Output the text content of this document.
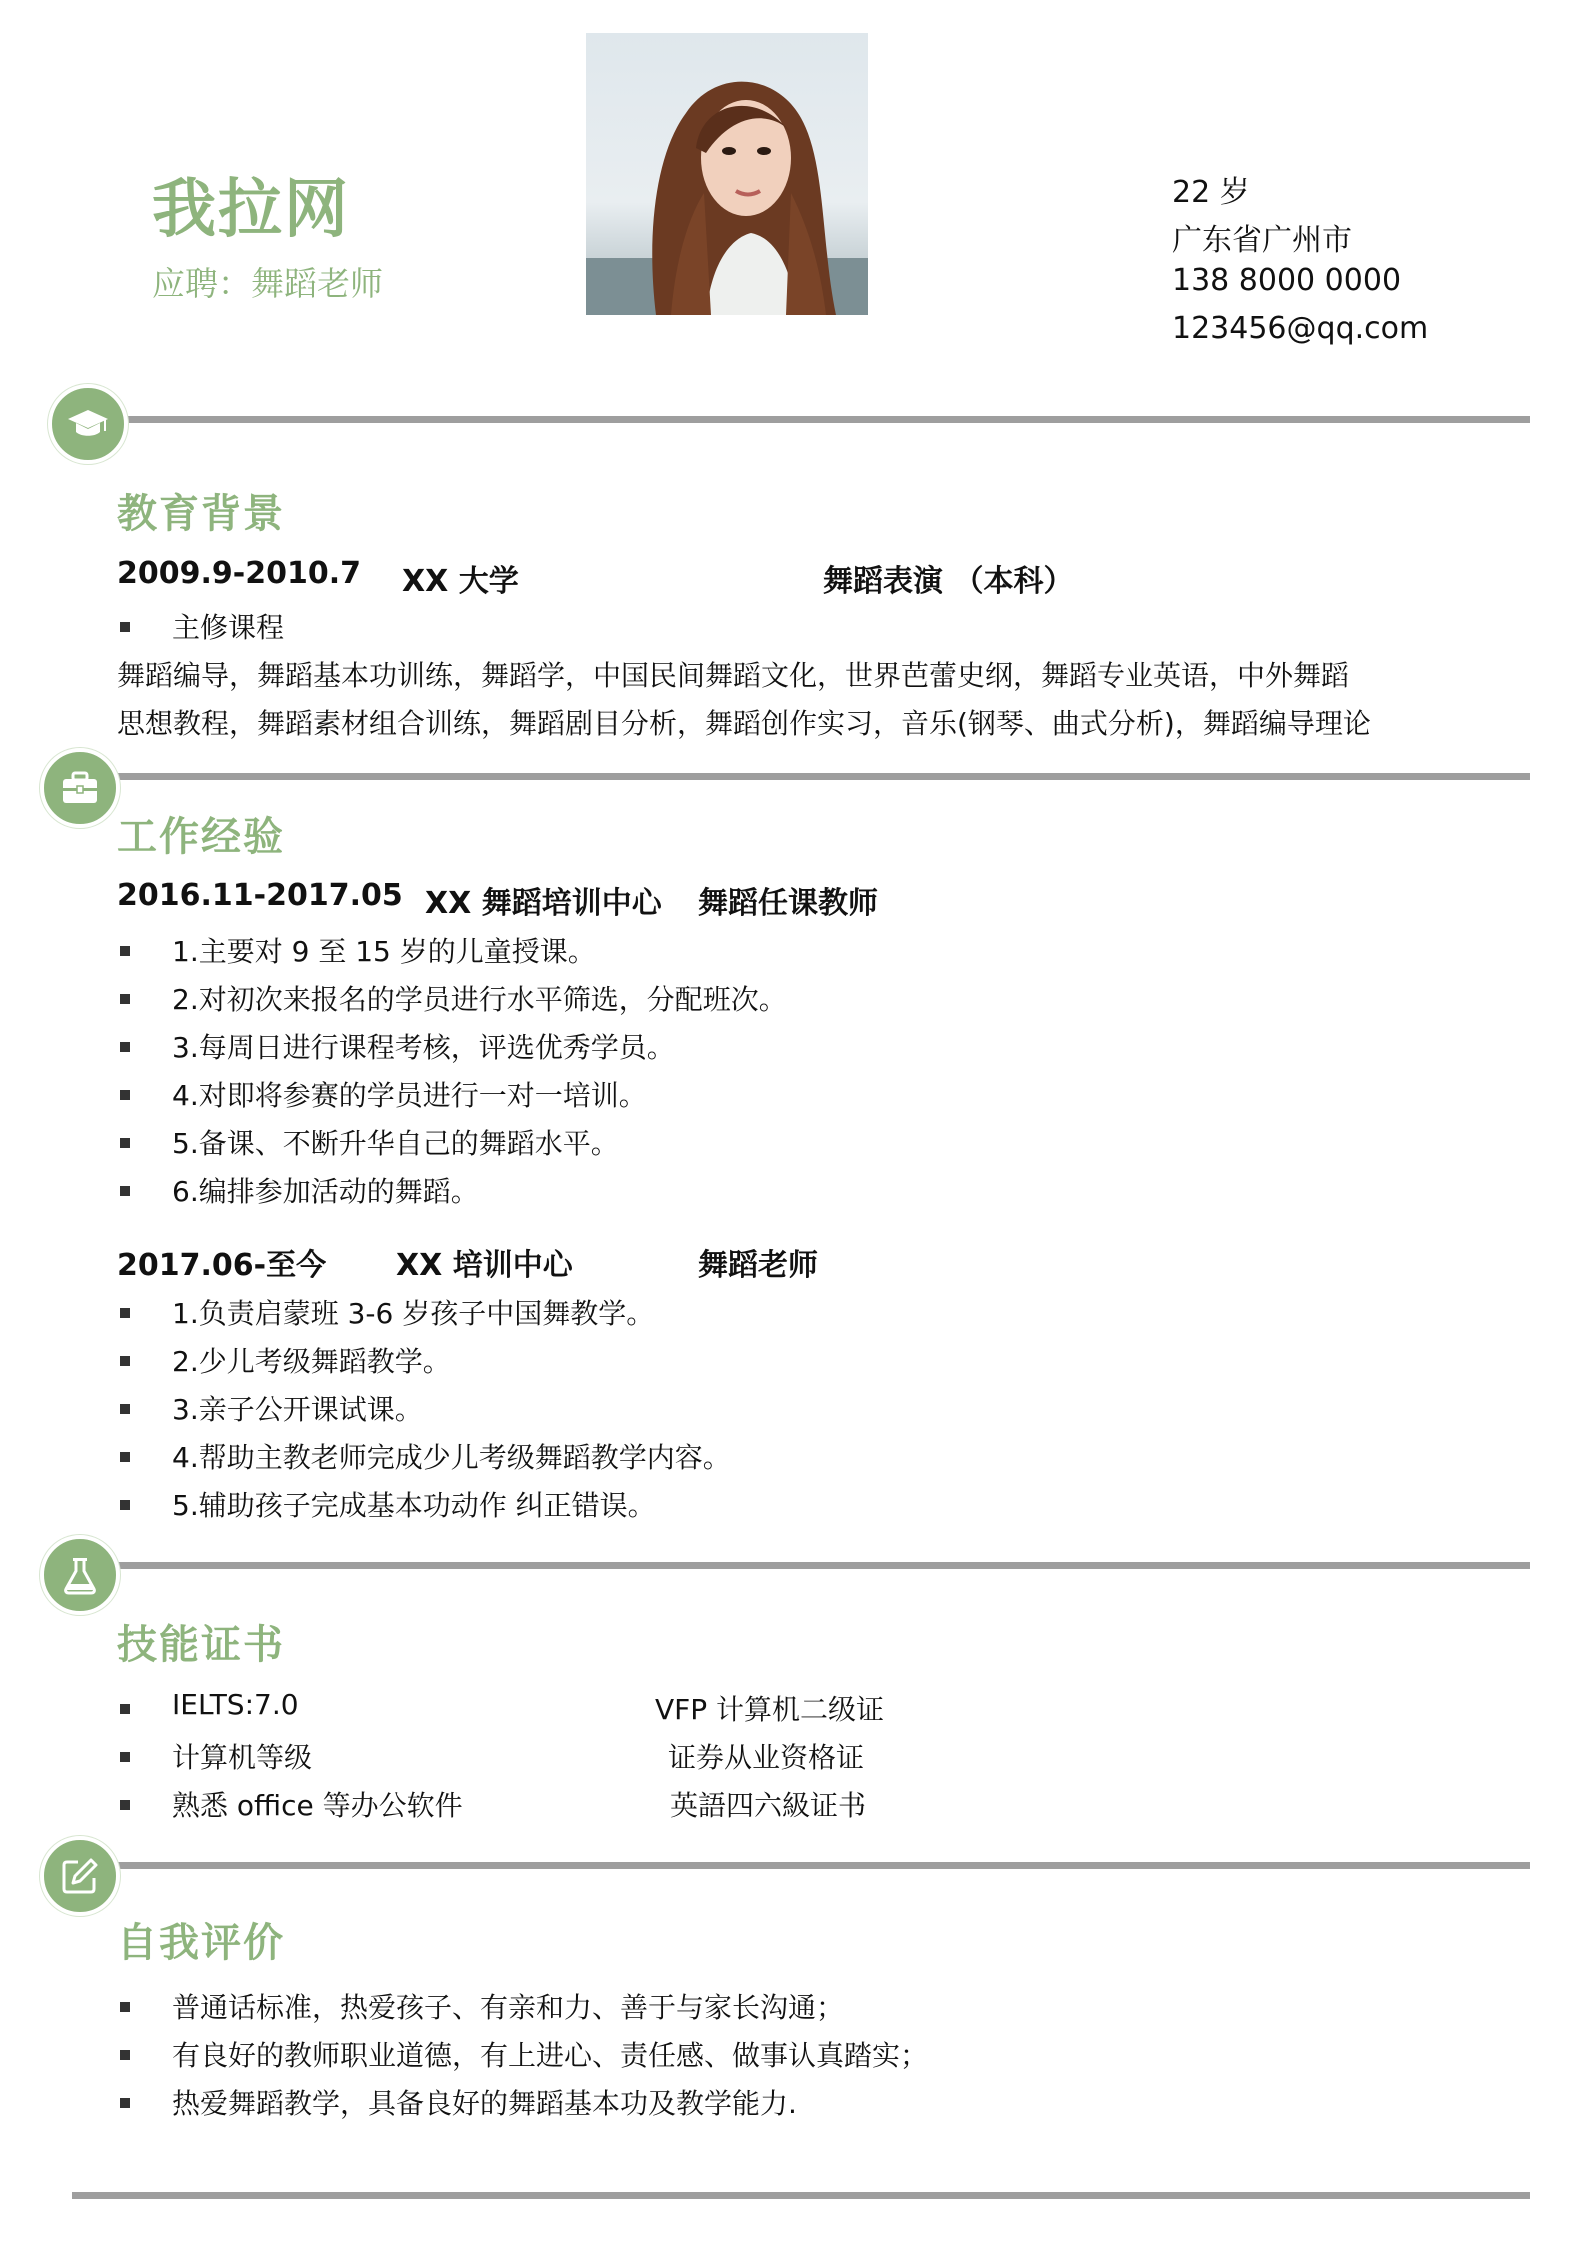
我拉网
应聘：舞蹈老师
22 岁
广东省广州市
138 8000 0000
123456@qq.com
教育背景
2009.9-2010.7 XX 大学	舞蹈表演 （本科）
主修课程
舞蹈编导，舞蹈基本功训练，舞蹈学，中国民间舞蹈文化，世界芭蕾史纲，舞蹈专业英语，中外舞蹈
思想教程，舞蹈素材组合训练，舞蹈剧目分析，舞蹈创作实习，音乐(钢琴、曲式分析)，舞蹈编导理论
工作经验
2016.11-2017.05 XX 舞蹈培训中心 舞蹈任课教师
1.主要对 9 至 15 岁的儿童授课。
2.对初次来报名的学员进行水平筛选，分配班次。
3.每周日进行课程考核，评选优秀学员。
4.对即将参赛的学员进行一对一培训。
5.备课、不断升华自己的舞蹈水平。
6.编排参加活动的舞蹈。
2017.06-至今 XX 培训中心	舞蹈老师
1.负责启蒙班 3-6 岁孩子中国舞教学。
2.少儿考级舞蹈教学。
3.亲子公开课试课。
4.帮助主教老师完成少儿考级舞蹈教学内容。
5.辅助孩子完成基本功动作 纠正错误。
技能证书
IELTS:7.0
计算机等级
熟悉 office 等办公软件
VFP 计算机二级证
证券从业资格证
英語四六級证书
自我评价
普通话标准，热爱孩子、有亲和力、善于与家长沟通；
有良好的教师职业道德，有上进心、责任感、做事认真踏实；
热爱舞蹈教学，具备良好的舞蹈基本功及教学能力.
